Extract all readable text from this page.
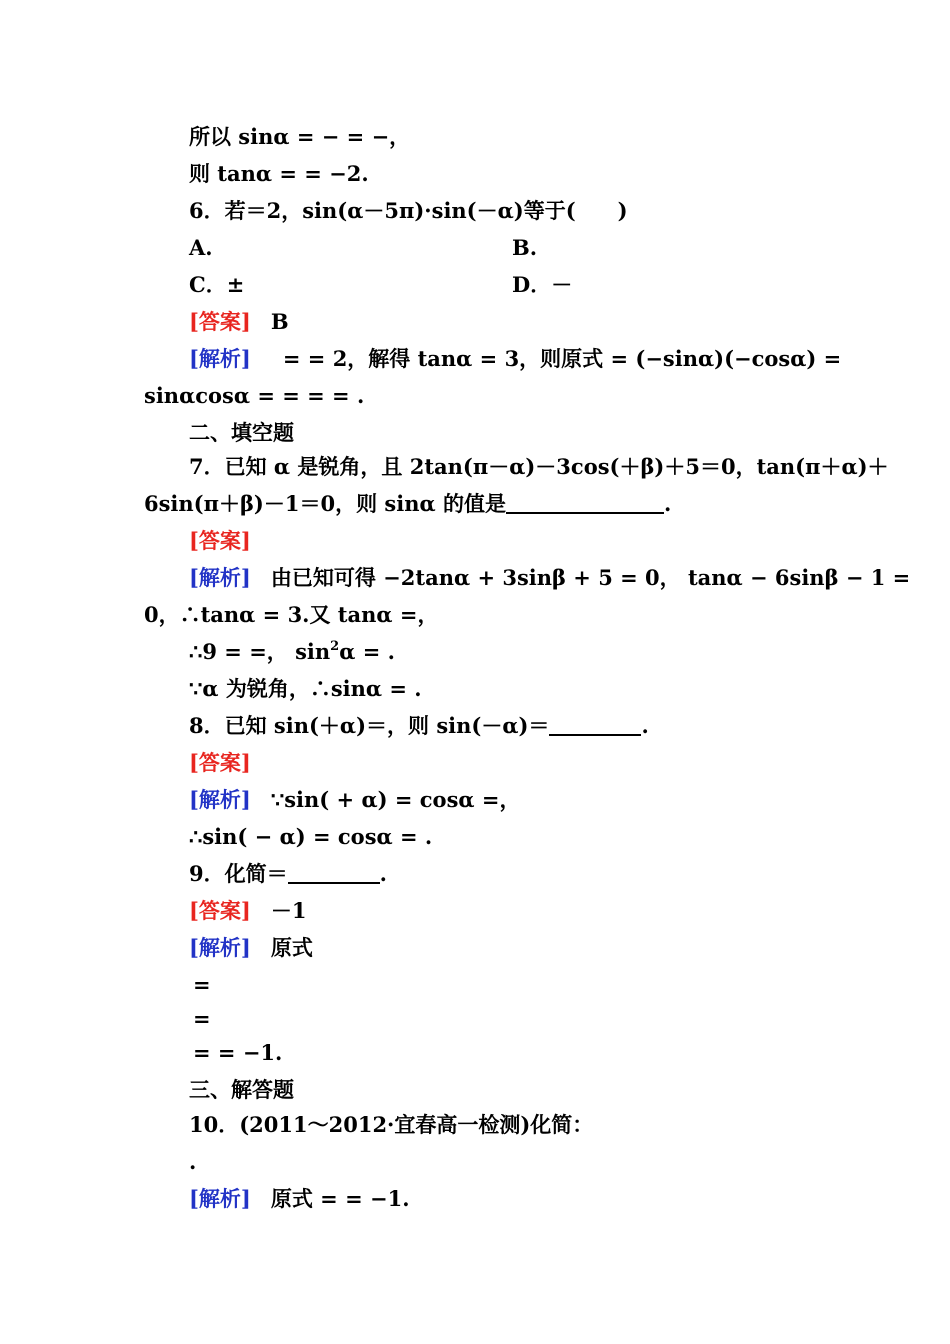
所以 sinα = − = −，
则 tanα = = −2.
6．若＝2，sin(α－5π)·sin(－α)等于(　　)
A.	B.
C．±	D．－
[答案] B
[解析] = = 2，解得 tanα = 3，则原式 = (−sinα)(−cosα) =
sinαcosα = = = = .
二、填空题
7．已知 α 是锐角，且 2tan(π－α)－3cos(＋β)＋5＝0，tan(π＋α)＋
6sin(π＋β)－1＝0，则 sinα 的值是	.
[答案]
[解析] 由已知可得 −2tanα + 3sinβ + 5 = 0， tanα − 6sinβ − 1 =
0，∴tanα = 3.又 tanα =，
∴9 = =， $\sin^2\alpha$ = .
∵α 为锐角，∴sinα = .
8．已知 sin(＋α)＝，则 sin(－α)＝	.
[答案]
[解析] ∵sin( + α) = cosα =，
∴sin( − α) = cosα = .
9．化简＝	.
[答案] －1
[解析] 原式
=
=
= = −1.
三、解答题
10．(2011～2012·宜春高一检测)化简：
.
[解析] 原式 = = −1.
